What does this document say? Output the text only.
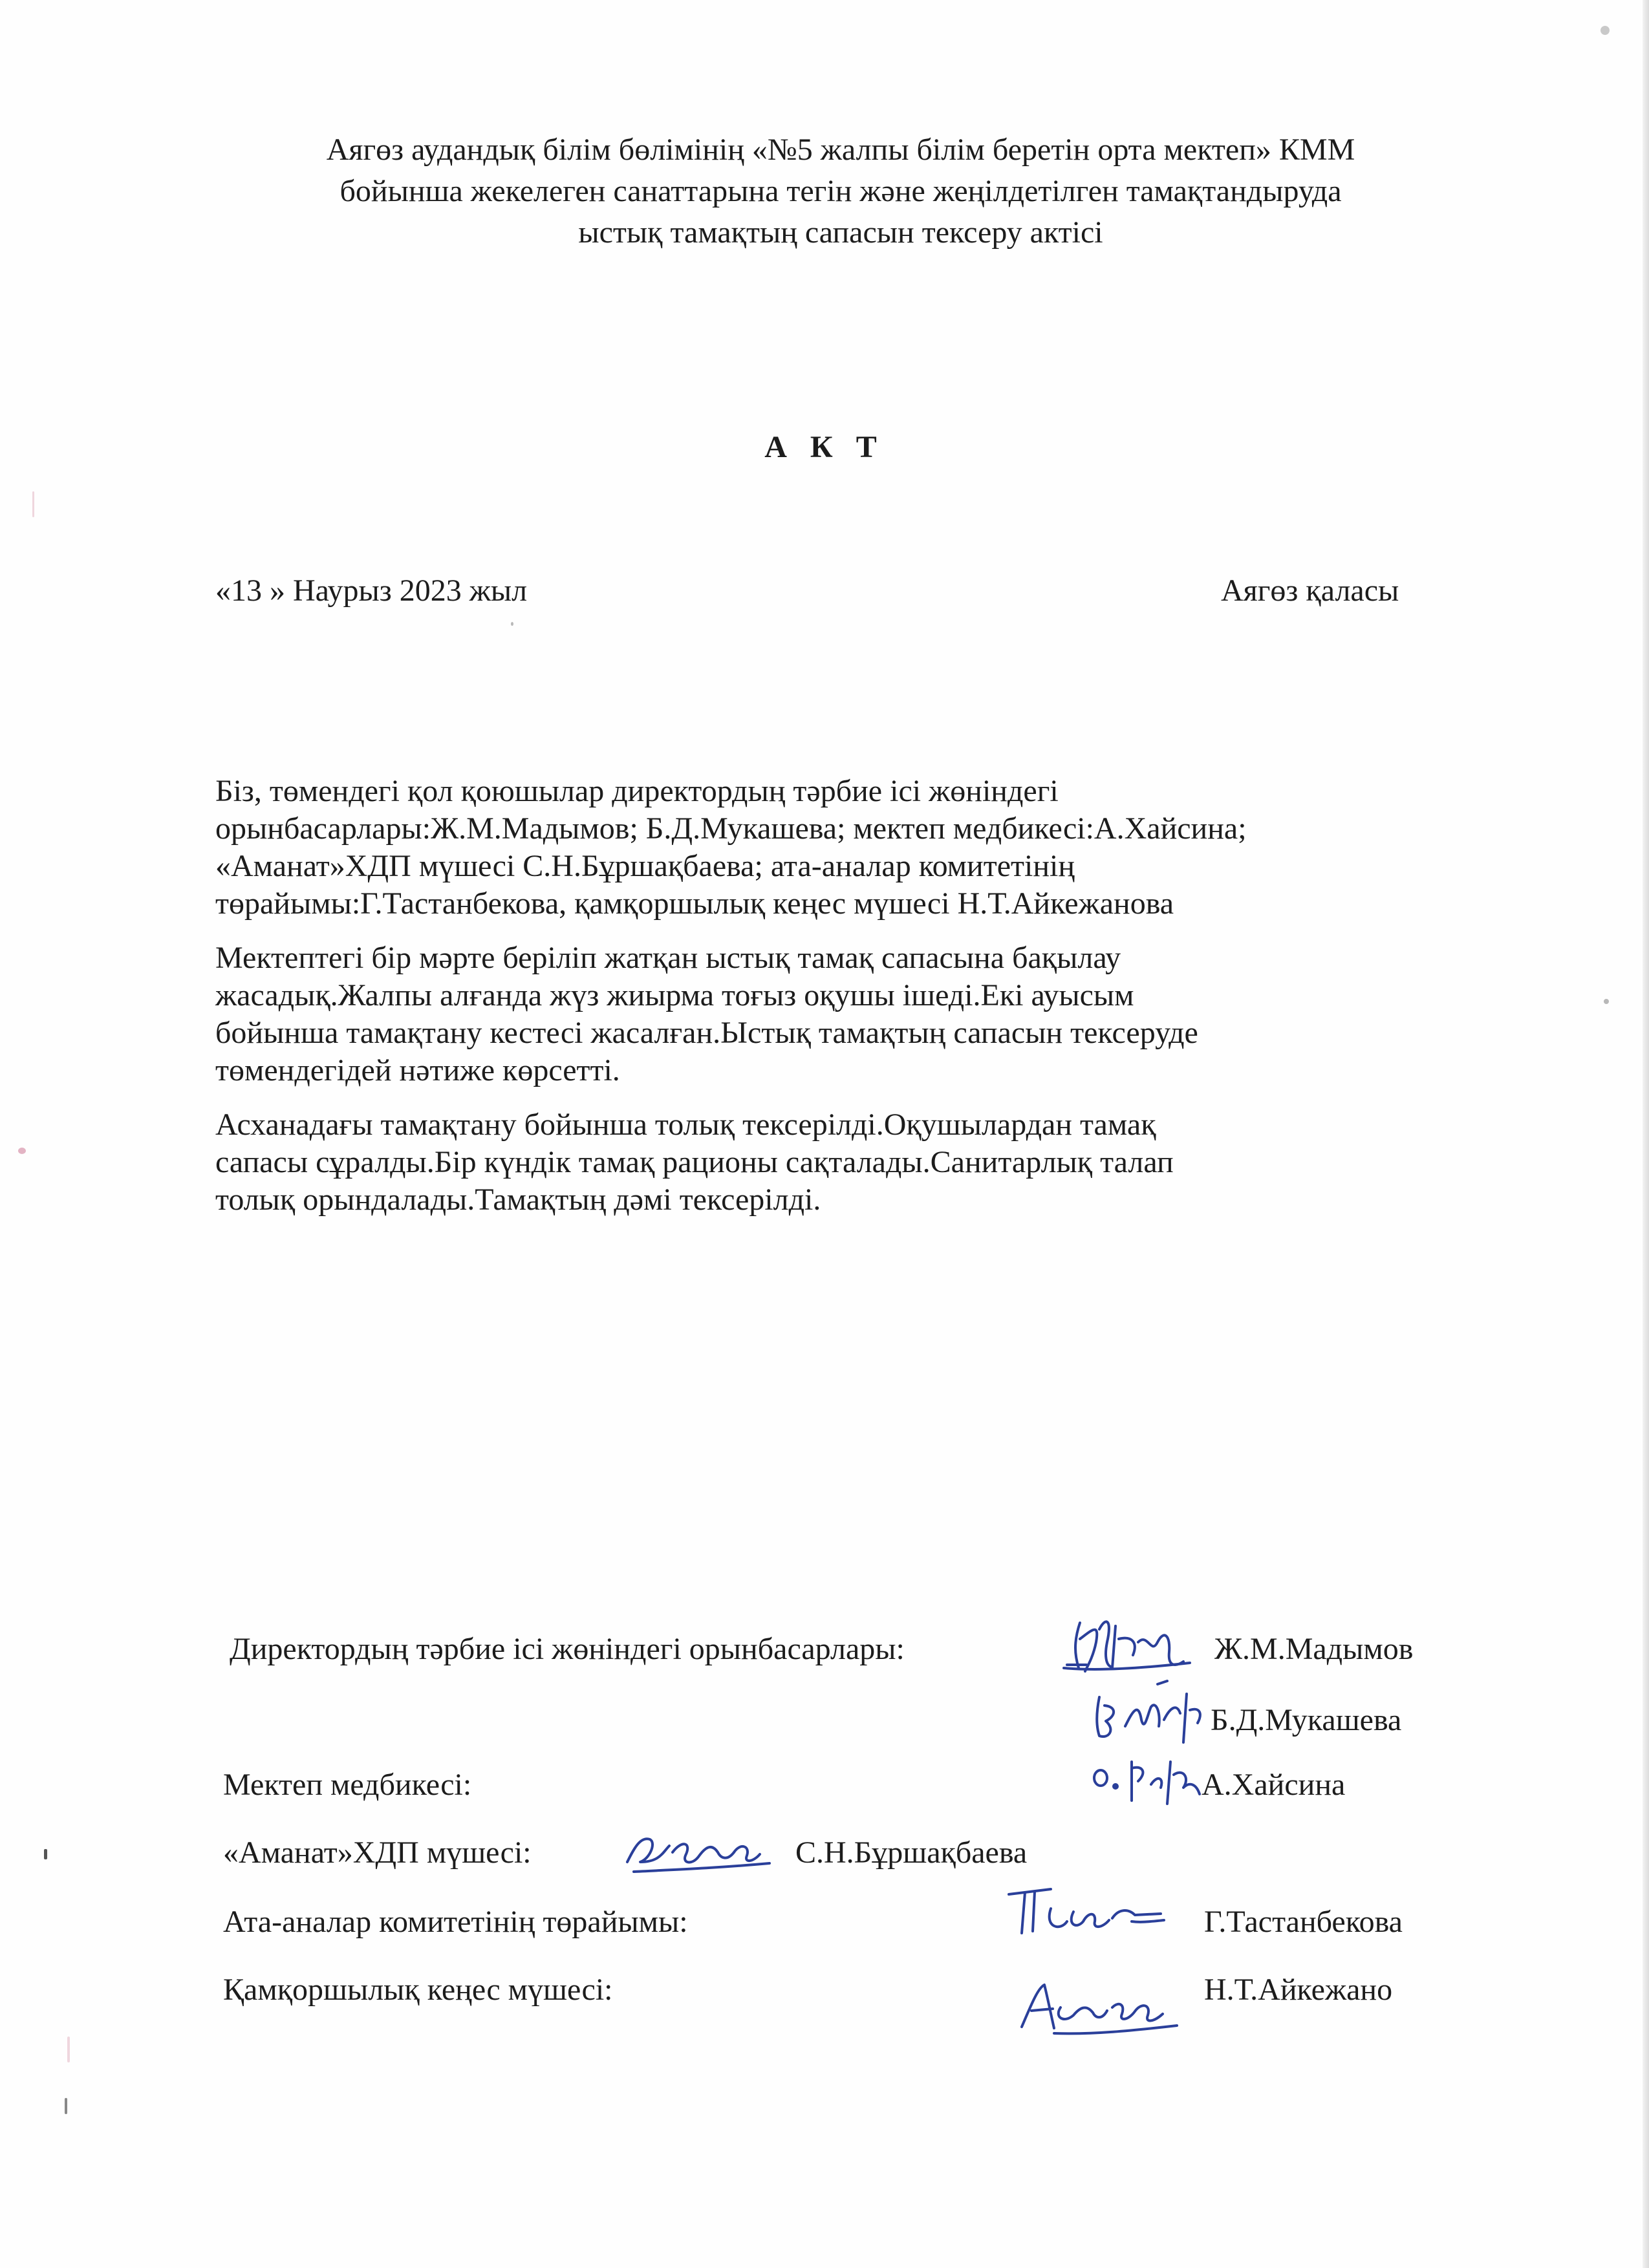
Аягөз аудандық білім бөлімінің «№5 жалпы білім беретін орта мектеп» КММ
бойынша жекелеген санаттарына тегін және жеңілдетілген тамақтандыруда
ыстық тамақтың сапасын тексеру актісі
А К Т
«13 » Наурыз 2023 жыл	Аягөз қаласы

Біз, төмендегі қол қоюшылар директордың тәрбие ісі жөніндегі
орынбасарлары:Ж.М.Мадымов; Б.Д.Мукашева; мектеп медбикесі:А.Хайсина;
«Аманат»ХДП мүшесі С.Н.Бұршақбаева; ата-аналар комитетінің
төрайымы:Г.Тастанбекова, қамқоршылық кеңес мүшесі Н.Т.Айкежанова

Мектептегі бір мәрте беріліп жатқан ыстық тамақ сапасына бақылау
жасадық.Жалпы алғанда жүз жиырма тоғыз оқушы ішеді.Екі ауысым
бойынша тамақтану кестесі жасалған.Ыстық тамақтың сапасын тексеруде
төмендегідей нәтиже көрсетті.

Асханадағы тамақтану бойынша толық тексерілді.Оқушылардан тамақ
сапасы сұралды.Бір күндік тамақ рационы сақталады.Санитарлық талап
толық орындалады.Тамақтың дәмі тексерілді.

Директордың тәрбие ісі жөніндегі орынбасарлары:	Ж.М.Мадымов
Б.Д.Мукашева
Мектеп медбикесі:	А.Хайсина
«Аманат»ХДП мүшесі:	С.Н.Бұршақбаева
Ата-аналар комитетінің төрайымы:	Г.Тастанбекова
Қамқоршылық кеңес мүшесі:	Н.Т.Айкежано
